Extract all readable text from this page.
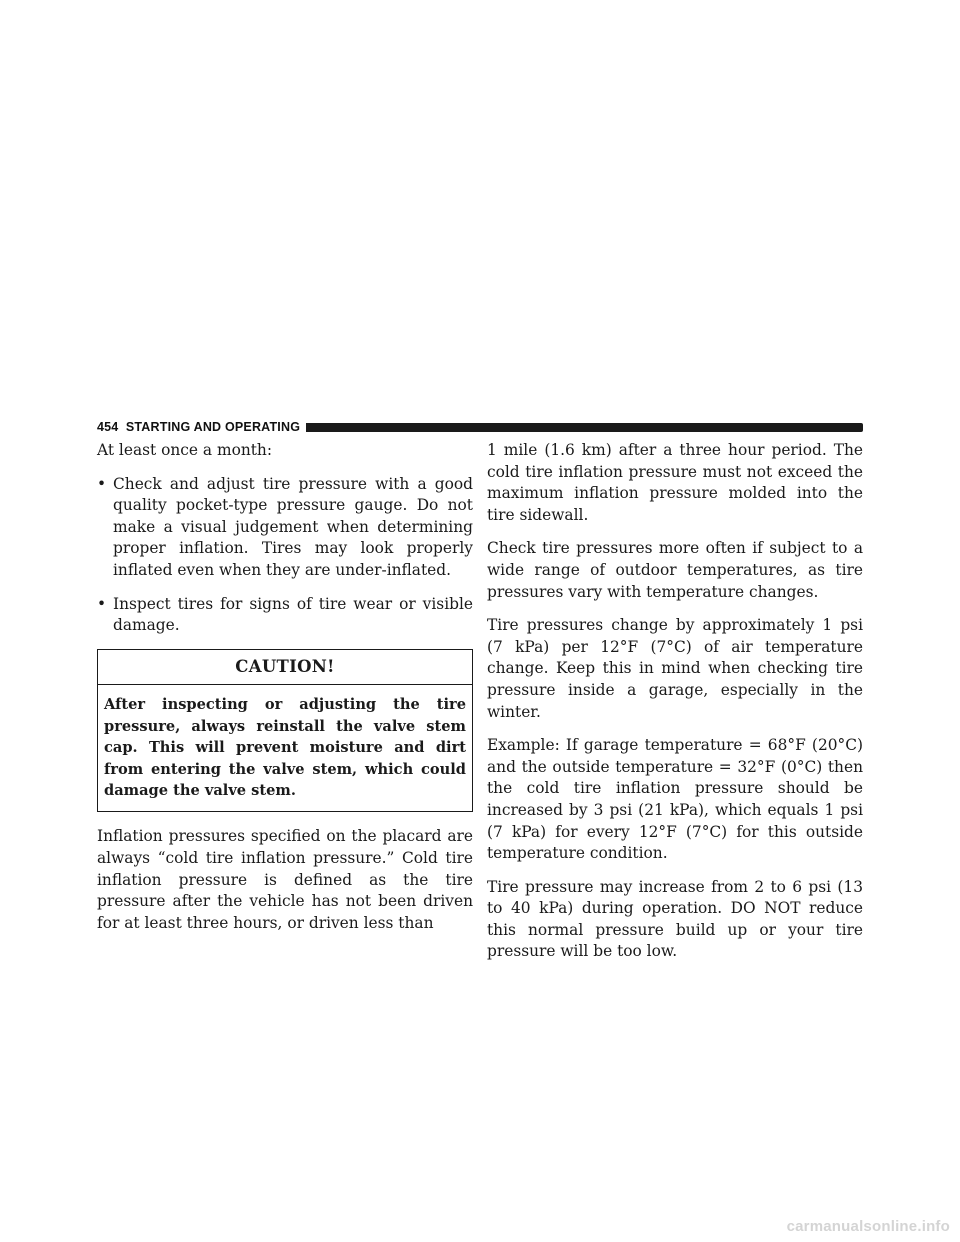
454 STARTING AND OPERATING

At least once a month:

• Check and adjust tire pressure with a good quality pocket-type pressure gauge. Do not make a visual judgement when determining proper inflation. Tires may look properly inflated even when they are under-inflated.
• Inspect tires for signs of tire wear or visible damage.
CAUTION!
After inspecting or adjusting the tire pressure, always reinstall the valve stem cap. This will prevent moisture and dirt from entering the valve stem, which could damage the valve stem.

Inflation pressures specified on the placard are always “cold tire inflation pressure.” Cold tire inflation pressure is defined as the tire pressure after the vehicle has not been driven for at least three hours, or driven less than

1 mile (1.6 km) after a three hour period. The cold tire inflation pressure must not exceed the maximum inflation pressure molded into the tire sidewall.

Check tire pressures more often if subject to a wide range of outdoor temperatures, as tire pressures vary with temperature changes.

Tire pressures change by approximately 1 psi (7 kPa) per 12°F (7°C) of air temperature change. Keep this in mind when checking tire pressure inside a garage, especially in the winter.

Example: If garage temperature = 68°F (20°C) and the outside temperature = 32°F (0°C) then the cold tire inflation pressure should be increased by 3 psi (21 kPa), which equals 1 psi (7 kPa) for every 12°F (7°C) for this outside temperature condition.

Tire pressure may increase from 2 to 6 psi (13 to 40 kPa) during operation. DO NOT reduce this normal pressure build up or your tire pressure will be too low.

carmanualsonline.info
